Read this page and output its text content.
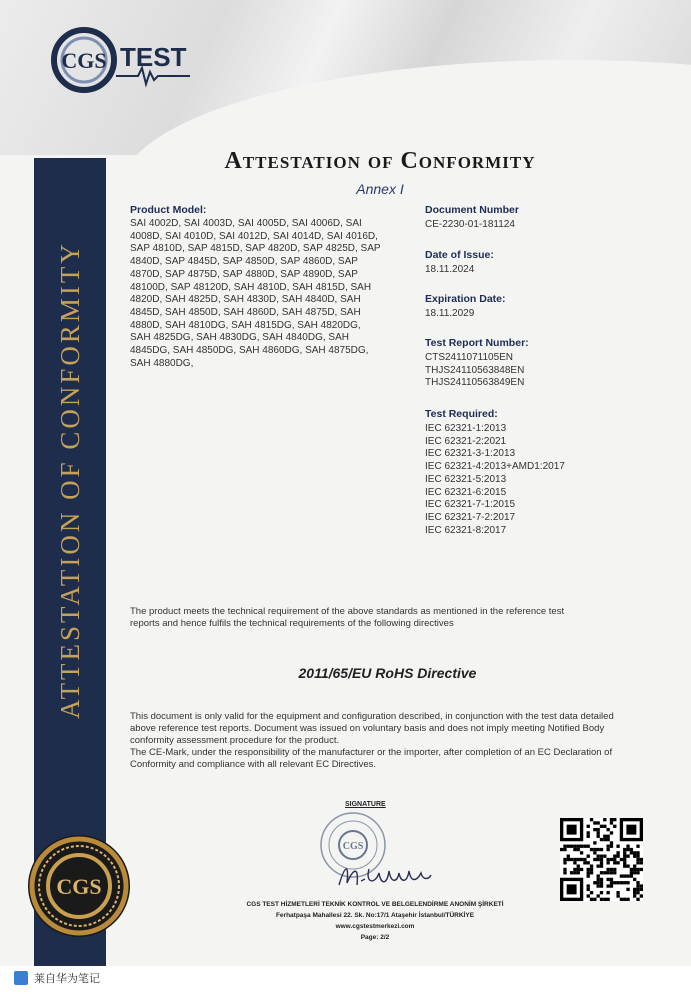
CGS TEST
ATTESTATION OF CONFORMITY
Attestation of Conformity
Annex I
Product Model:
SAI 4002D, SAI 4003D, SAI 4005D, SAI 4006D, SAI
4008D, SAI 4010D, SAI 4012D, SAI 4014D, SAI 4016D,
SAP 4810D, SAP 4815D, SAP 4820D, SAP 4825D, SAP
4840D, SAP 4845D, SAP 4850D, SAP 4860D, SAP
4870D, SAP 4875D, SAP 4880D, SAP 4890D, SAP
48100D, SAP 48120D, SAH 4810D, SAH 4815D, SAH
4820D, SAH 4825D, SAH 4830D, SAH 4840D, SAH
4845D, SAH 4850D, SAH 4860D, SAH 4875D, SAH
4880D, SAH 4810DG, SAH 4815DG, SAH 4820DG,
SAH 4825DG, SAH 4830DG, SAH 4840DG, SAH
4845DG, SAH 4850DG, SAH 4860DG, SAH 4875DG,
SAH 4880DG,
Document Number
CE-2230-01-181124
Date of Issue:
18.11.2024
Expiration Date:
18.11.2029
Test Report Number:
CTS2411071105EN
THJS24110563848EN
THJS24110563849EN
Test Required:
IEC 62321-1:2013
IEC 62321-2:2021
IEC 62321-3-1:2013
IEC 62321-4:2013+AMD1:2017
IEC 62321-5:2013
IEC 62321-6:2015
IEC 62321-7-1:2015
IEC 62321-7-2:2017
IEC 62321-8:2017
The product meets the technical requirement of the above standards as mentioned in the reference test
reports and hence fulfils the technical requirements of the following directives
2011/65/EU RoHS Directive
This document is only valid for the equipment and configuration described, in conjunction with the test data detailed
above reference test reports. Document was issued on voluntary basis and does not imply meeting Notified Body
conformity assessment procedure for the product.
The CE-Mark, under the responsibility of the manufacturer or the importer, after completion of an EC Declaration of
Conformity and compliance with all relevant EC Directives.
SIGNATURE
CGS
CGS TEST HİZMETLERİ TEKNİK KONTROL VE BELGELENDİRME ANONİM ŞİRKETİ
Ferhatpaşa Mahallesi 22. Sk. No:17/1 Ataşehir İstanbul/TÜRKİYE
www.cgstestmerkezi.com
Page: 2/2
CGS
莱自华为笔记
